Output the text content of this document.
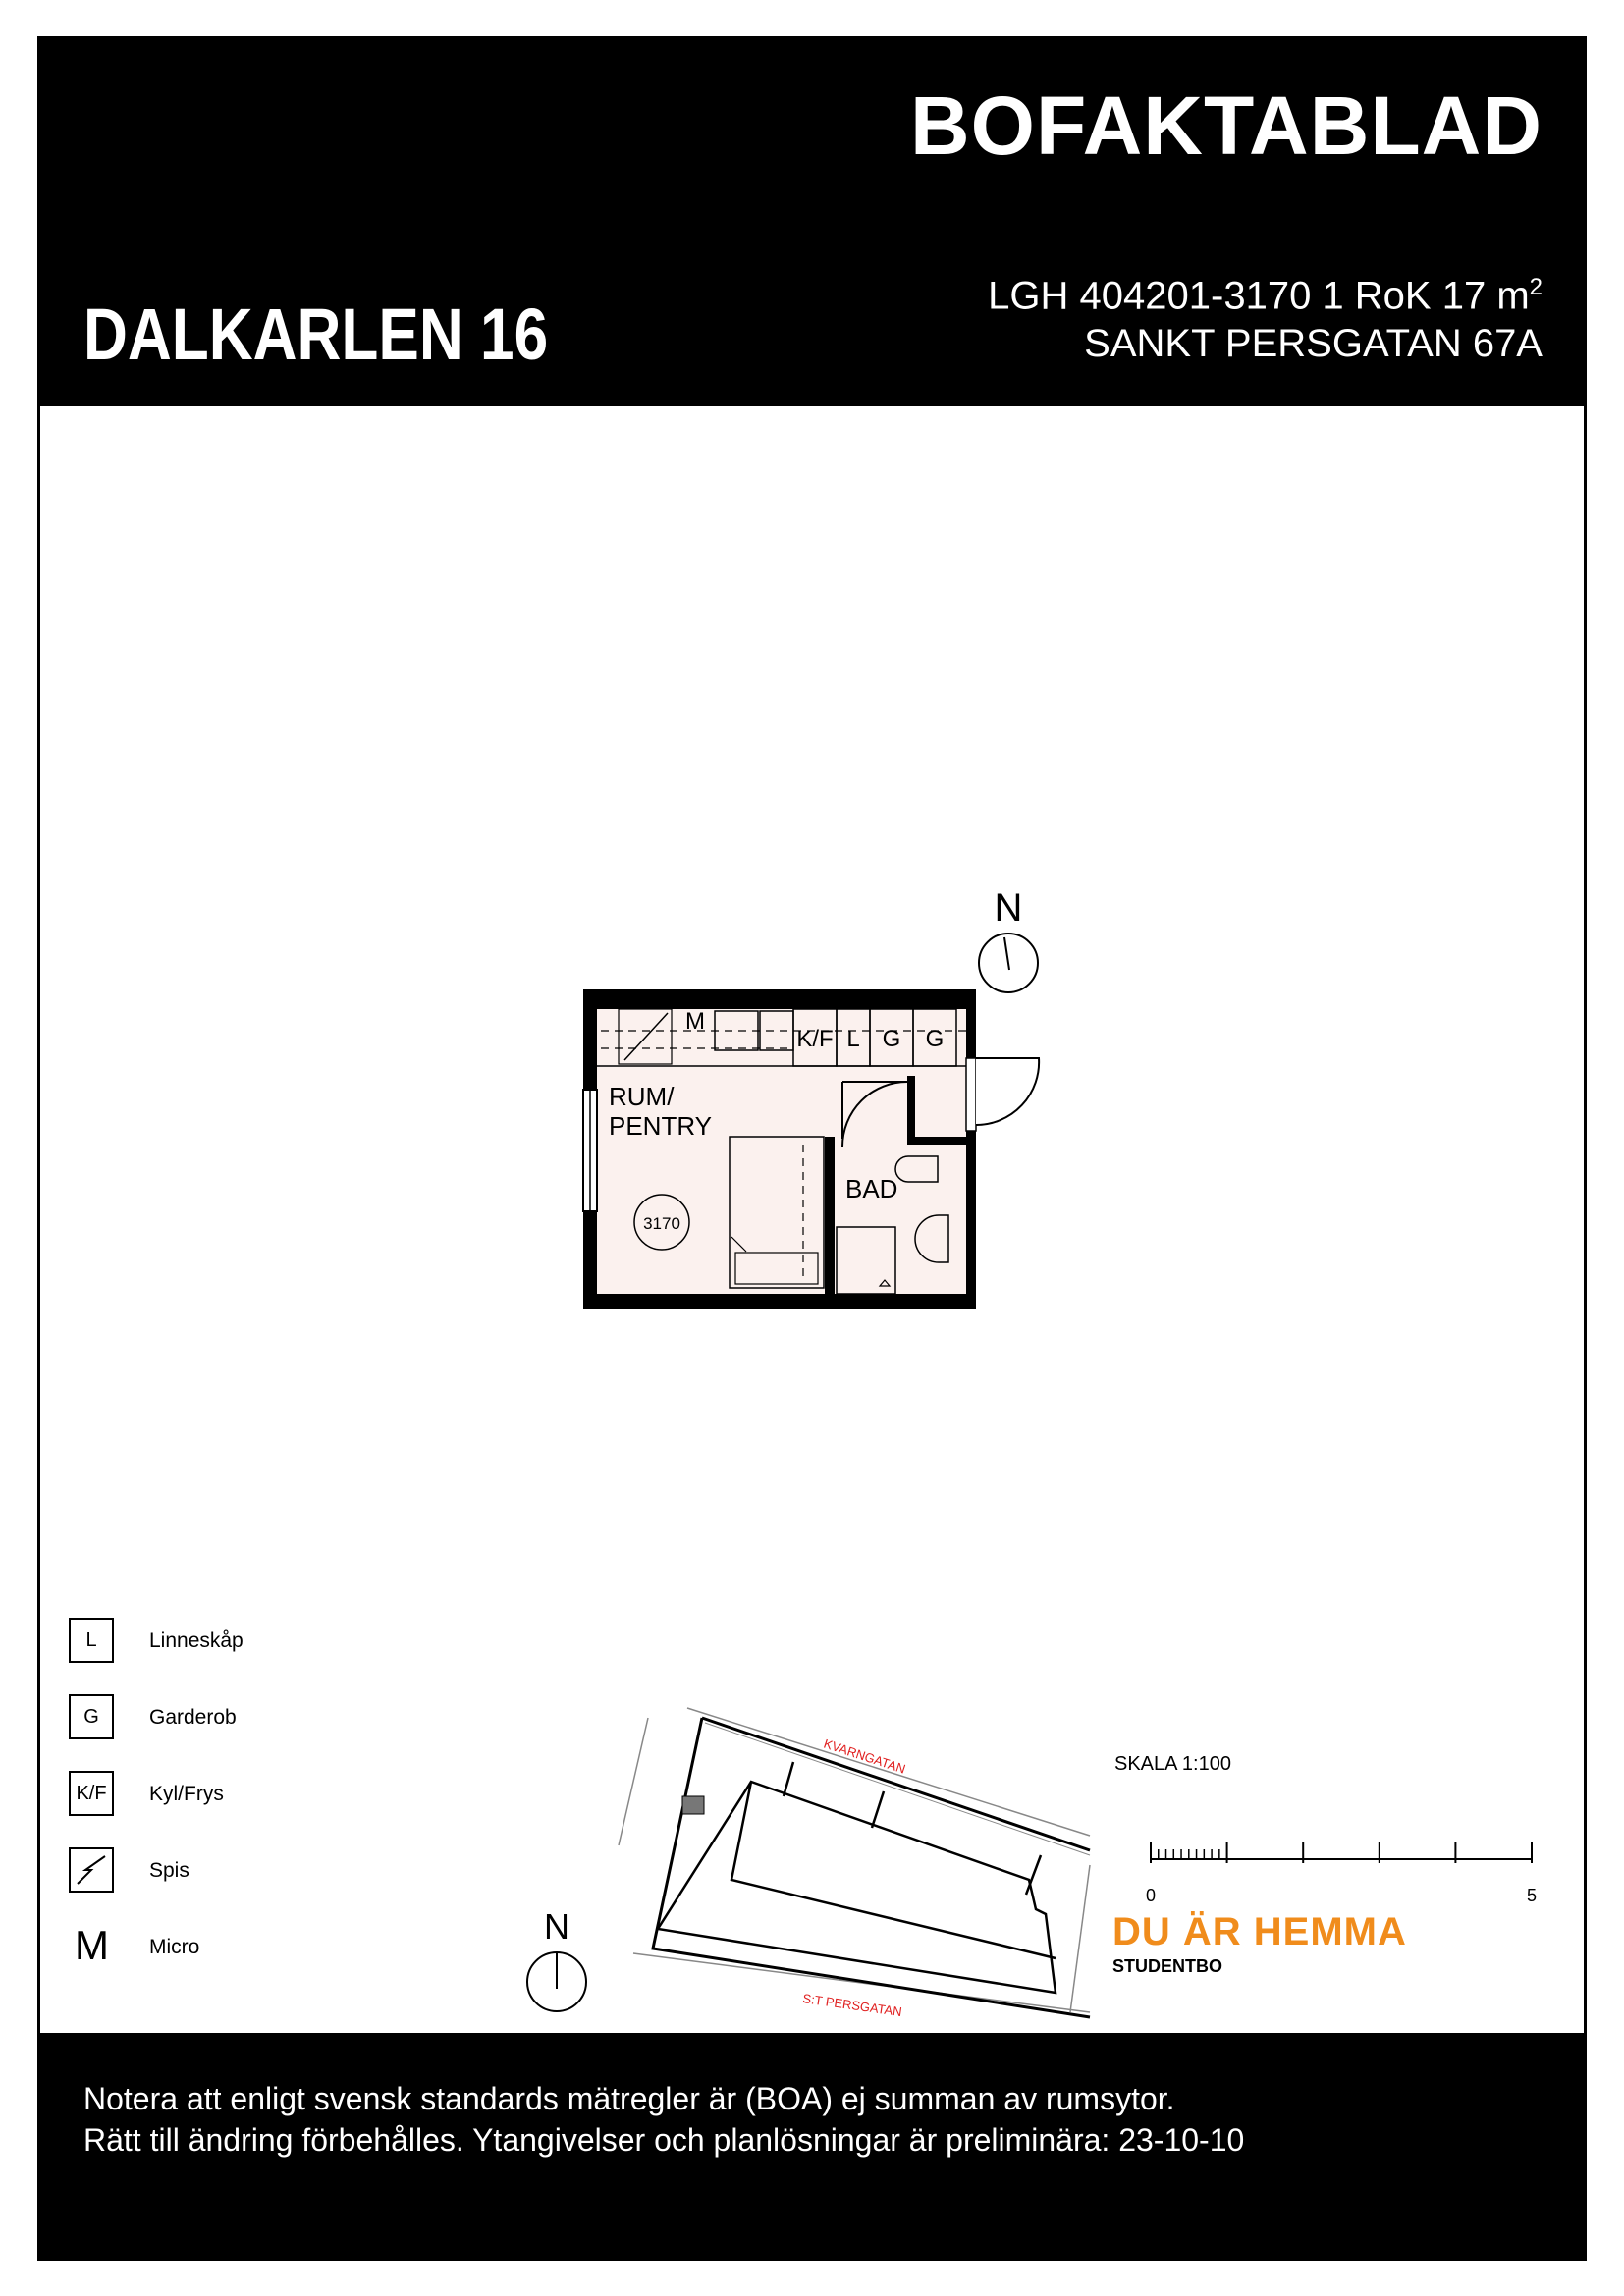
BOFAKTABLAD
DALKARLEN 16	LGH 404201-3170 1 RoK 17 $m^2$
SANKT PERSGATAN 67A
Notera att enligt svensk standards mätregler är (BOA) ej summan av rumsytor.
Rätt till ändring förbehålles. Ytangivelser och planlösningar är preliminära: 23-10-10
N
M
K/F L G G
RUM/
PENTRY
BAD
3170
KVARNGATAN
S:T PERSGATAN
N
0	5
SKALA 1:100
L	Linneskåp
G	Garderob
K/F	Kyl/Frys
Spis
M Micro	DU ÄR HEMMA
STUDENTBO
